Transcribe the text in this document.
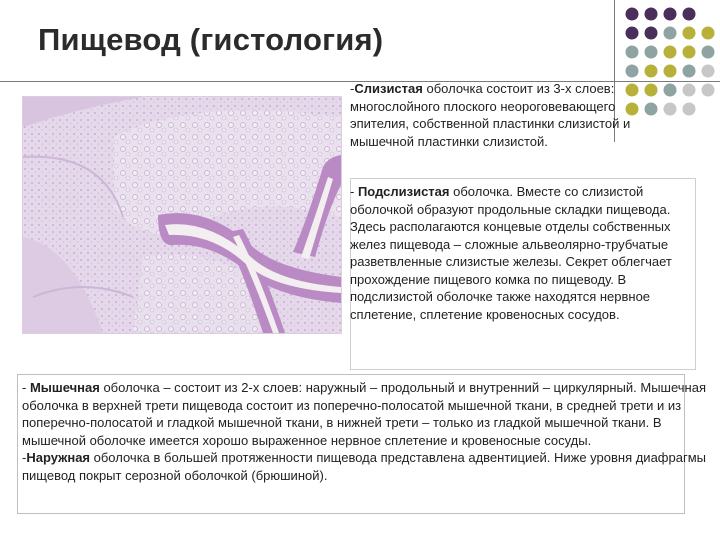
Пищевод (гистология)

-Слизистая оболочка состоит из 3-х слоев: многослойного плоского неороговевающего эпителия, собственной пластинки слизистой и мышечной пластинки слизистой.

- Подслизистая оболочка. Вместе со слизистой оболочкой образуют продольные складки пищевода. Здесь располагаются концевые отделы собственных желез пищевода – сложные альвеолярно-трубчатые разветвленные слизистые железы. Секрет облегчает прохождение пищевого комка по пищеводу. В подслизистой оболочке также находятся нервное сплетение, сплетение кровеносных сосудов.

- Мышечная оболочка – состоит из 2-х слоев: наружный – продольный и внутренний – циркулярный. Мышечная оболочка в верхней трети пищевода состоит из поперечно-полосатой мышечной ткани, в средней трети и из поперечно-полосатой и гладкой мышечной ткани, в нижней трети – только из гладкой мышечной ткани. В мышечной оболочке имеется хорошо выраженное нервное сплетение и кровеносные сосуды.
-Наружная оболочка в большей протяженности пищевода представлена адвентицией. Ниже уровня диафрагмы пищевод покрыт серозной оболочкой (брюшиной).
